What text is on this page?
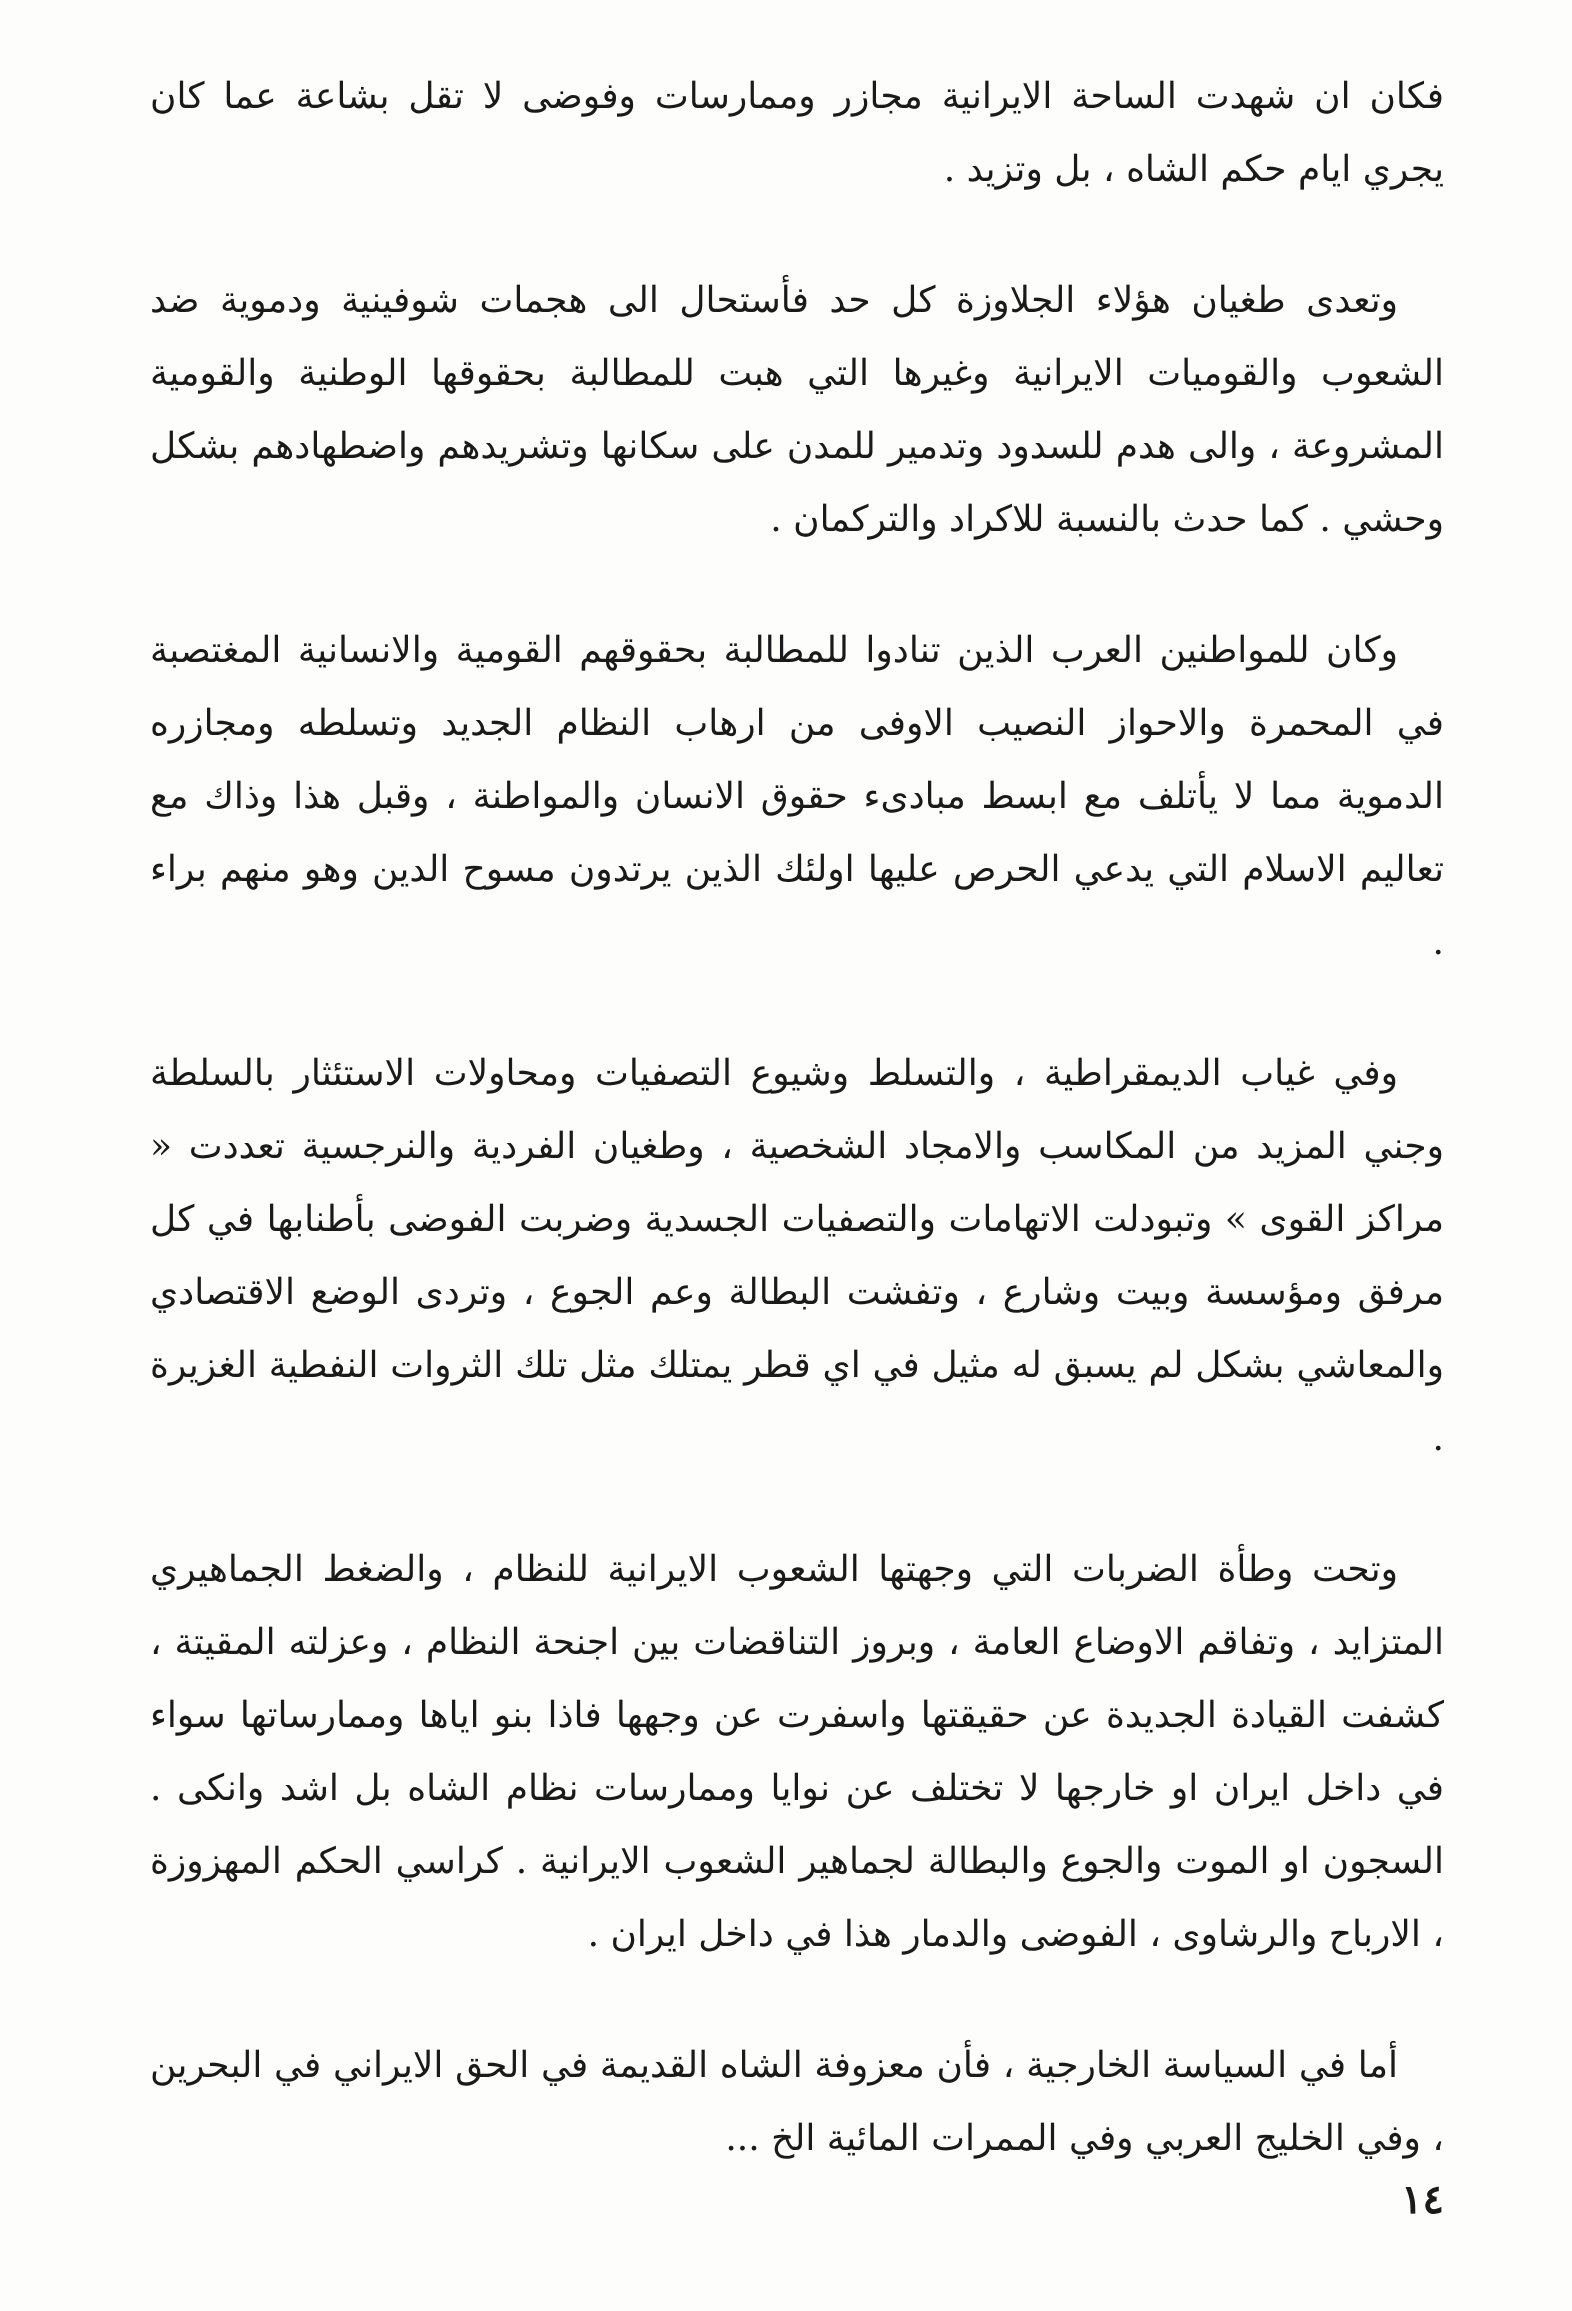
فكان ان شهدت الساحة الايرانية مجازر وممارسات وفوضى لا تقل بشاعة عما كان يجري ايام حكم الشاه ، بل وتزيد .

وتعدى طغيان هؤلاء الجلاوزة كل حد فأستحال الى هجمات شوفينية ودموية ضد الشعوب والقوميات الايرانية وغيرها التي هبت للمطالبة بحقوقها الوطنية والقومية المشروعة ، والى هدم للسدود وتدمير للمدن على سكانها وتشريدهم واضطهادهم بشكل وحشي . كما حدث بالنسبة للاكراد والتركمان .

وكان للمواطنين العرب الذين تنادوا للمطالبة بحقوقهم القومية والانسانية المغتصبة في المحمرة والاحواز النصيب الاوفى من ارهاب النظام الجديد وتسلطه ومجازره الدموية مما لا يأتلف مع ابسط مبادىء حقوق الانسان والمواطنة ، وقبل هذا وذاك مع تعاليم الاسلام التي يدعي الحرص عليها اولئك الذين يرتدون مسوح الدين وهو منهم براء .

وفي غياب الديمقراطية ، والتسلط وشيوع التصفيات ومحاولات الاستئثار بالسلطة وجني المزيد من المكاسب والامجاد الشخصية ، وطغيان الفردية والنرجسية تعددت « مراكز القوى » وتبودلت الاتهامات والتصفيات الجسدية وضربت الفوضى بأطنابها في كل مرفق ومؤسسة وبيت وشارع ، وتفشت البطالة وعم الجوع ، وتردى الوضع الاقتصادي والمعاشي بشكل لم يسبق له مثيل في اي قطر يمتلك مثل تلك الثروات النفطية الغزيرة .

وتحت وطأة الضربات التي وجهتها الشعوب الايرانية للنظام ، والضغط الجماهيري المتزايد ، وتفاقم الاوضاع العامة ، وبروز التناقضات بين اجنحة النظام ، وعزلته المقيتة ، كشفت القيادة الجديدة عن حقيقتها واسفرت عن وجهها فاذا بنو اياها وممارساتها سواء في داخل ايران او خارجها لا تختلف عن نوايا وممارسات نظام الشاه بل اشد وانكى . السجون او الموت والجوع والبطالة لجماهير الشعوب الايرانية . كراسي الحكم المهزوزة ، الارباح والرشاوى ، الفوضى والدمار هذا في داخل ايران .

أما في السياسة الخارجية ، فأن معزوفة الشاه القديمة في الحق الايراني في البحرين ، وفي الخليج العربي وفي الممرات المائية الخ ...

١٤
